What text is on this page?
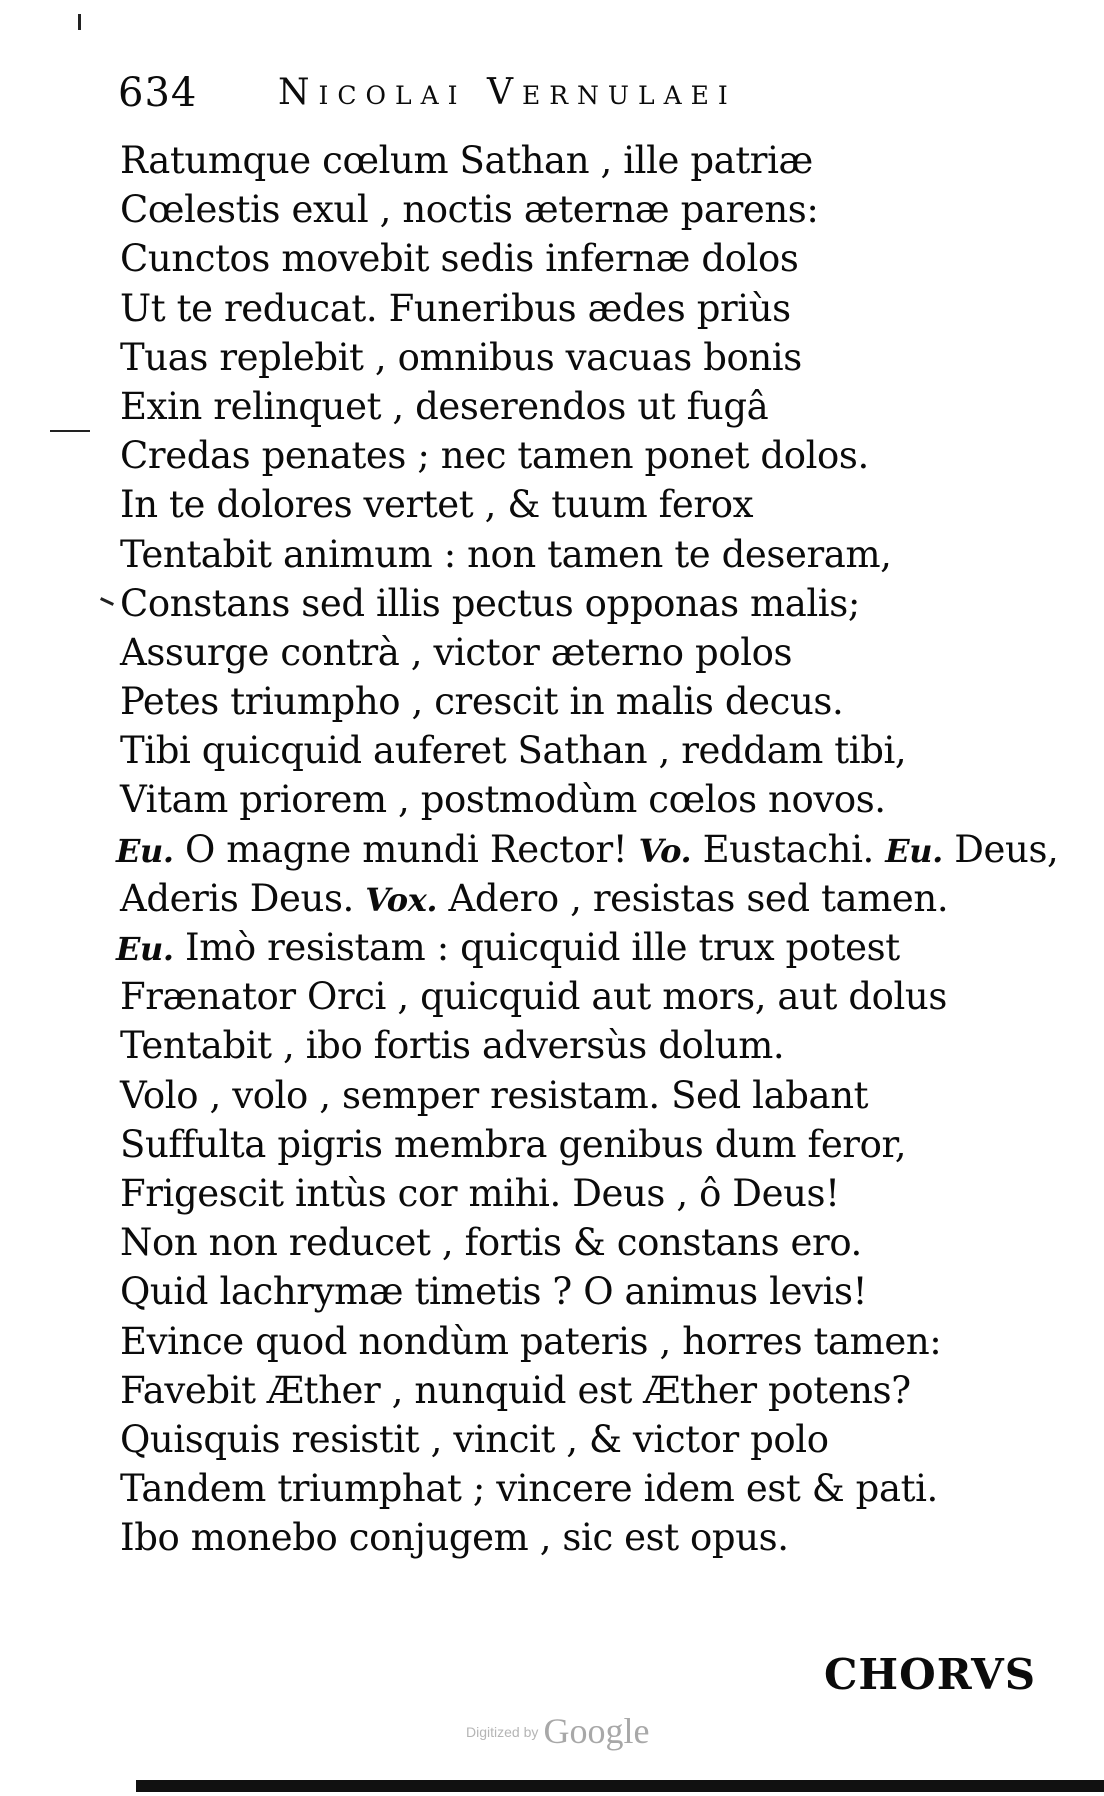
634 Nicolai Vernulaei
Ratumque cœlum Sathan , ille patriæ
Cœlestis exul , noctis æternæ parens:
Cunctos movebit sedis infernæ dolos
Ut te reducat. Funeribus ædes priùs
Tuas replebit , omnibus vacuas bonis
Exin relinquet , deserendos ut fugâ
Credas penates ; nec tamen ponet dolos.
In te dolores vertet , & tuum ferox
Tentabit animum : non tamen te deseram,
Constans sed illis pectus opponas malis;
Assurge contrà , victor æterno polos
Petes triumpho , crescit in malis decus.
Tibi quicquid auferet Sathan , reddam tibi,
Vitam priorem , postmodùm cœlos novos.
Eu. O magne mundi Rector! Vo. Eustachi. Eu. Deus,
Aderis Deus. Vox. Adero , resistas sed tamen.
Eu. Imò resistam : quicquid ille trux potest
Frænator Orci , quicquid aut mors, aut dolus
Tentabit , ibo fortis adversùs dolum.
Volo , volo , semper resistam. Sed labant
Suffulta pigris membra genibus dum feror,
Frigescit intùs cor mihi. Deus , ô Deus!
Non non reducet , fortis & constans ero.
Quid lachrymæ timetis ? O animus levis!
Evince quod nondùm pateris , horres tamen:
Favebit Æther , nunquid est Æther potens?
Quisquis resistit , vincit , & victor polo
Tandem triumphat ; vincere idem est & pati.
Ibo monebo conjugem , sic est opus.
CHORVS
Digitized by Google
